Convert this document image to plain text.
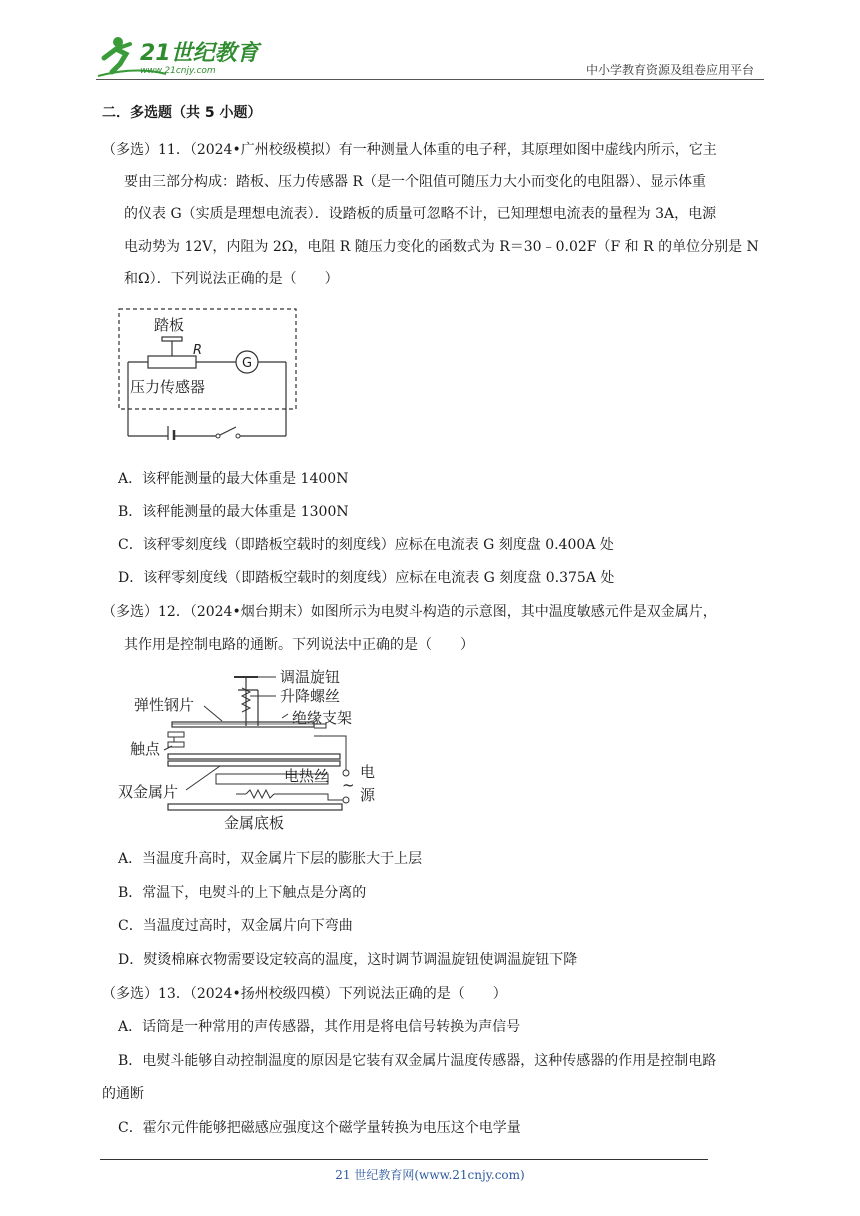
21世纪教育
www.21cnjy.com	中小学教育资源及组卷应用平台
二．多选题（共 5 小题）
（多选）11．（2024•广州校级模拟）有一种测量人体重的电子秤，其原理如图中虚线内所示，它主
要由三部分构成：踏板、压力传感器 R（是一个阻值可随压力大小而变化的电阻器）、显示体重
的仪表 G（实质是理想电流表）．设踏板的质量可忽略不计，已知理想电流表的量程为 3A，电源
电动势为 12V，内阻为 2Ω，电阻 R 随压力变化的函数式为 R＝30﹣0.02F（F 和 R 的单位分别是 N
和Ω）．下列说法正确的是（　　）
踏板
R
G
压力传感器
A．该秤能测量的最大体重是 1400N
B．该秤能测量的最大体重是 1300N
C．该秤零刻度线（即踏板空载时的刻度线）应标在电流表 G 刻度盘 0.400A 处
D．该秤零刻度线（即踏板空载时的刻度线）应标在电流表 G 刻度盘 0.375A 处
（多选）12．（2024•烟台期末）如图所示为电熨斗构造的示意图，其中温度敏感元件是双金属片，
其作用是控制电路的通断。下列说法中正确的是（　　）
调温旋钮
升降螺丝
绝缘支架
弹性钢片
触点
双金属片	~
电
源
电热丝
金属底板
A．当温度升高时，双金属片下层的膨胀大于上层
B．常温下，电熨斗的上下触点是分离的
C．当温度过高时，双金属片向下弯曲
D．熨烫棉麻衣物需要设定较高的温度，这时调节调温旋钮使调温旋钮下降
（多选）13．（2024•扬州校级四模）下列说法正确的是（　　）
A．话筒是一种常用的声传感器，其作用是将电信号转换为声信号
B．电熨斗能够自动控制温度的原因是它装有双金属片温度传感器，这种传感器的作用是控制电路
的通断
C．霍尔元件能够把磁感应强度这个磁学量转换为电压这个电学量
21 世纪教育网(www.21cnjy.com)
